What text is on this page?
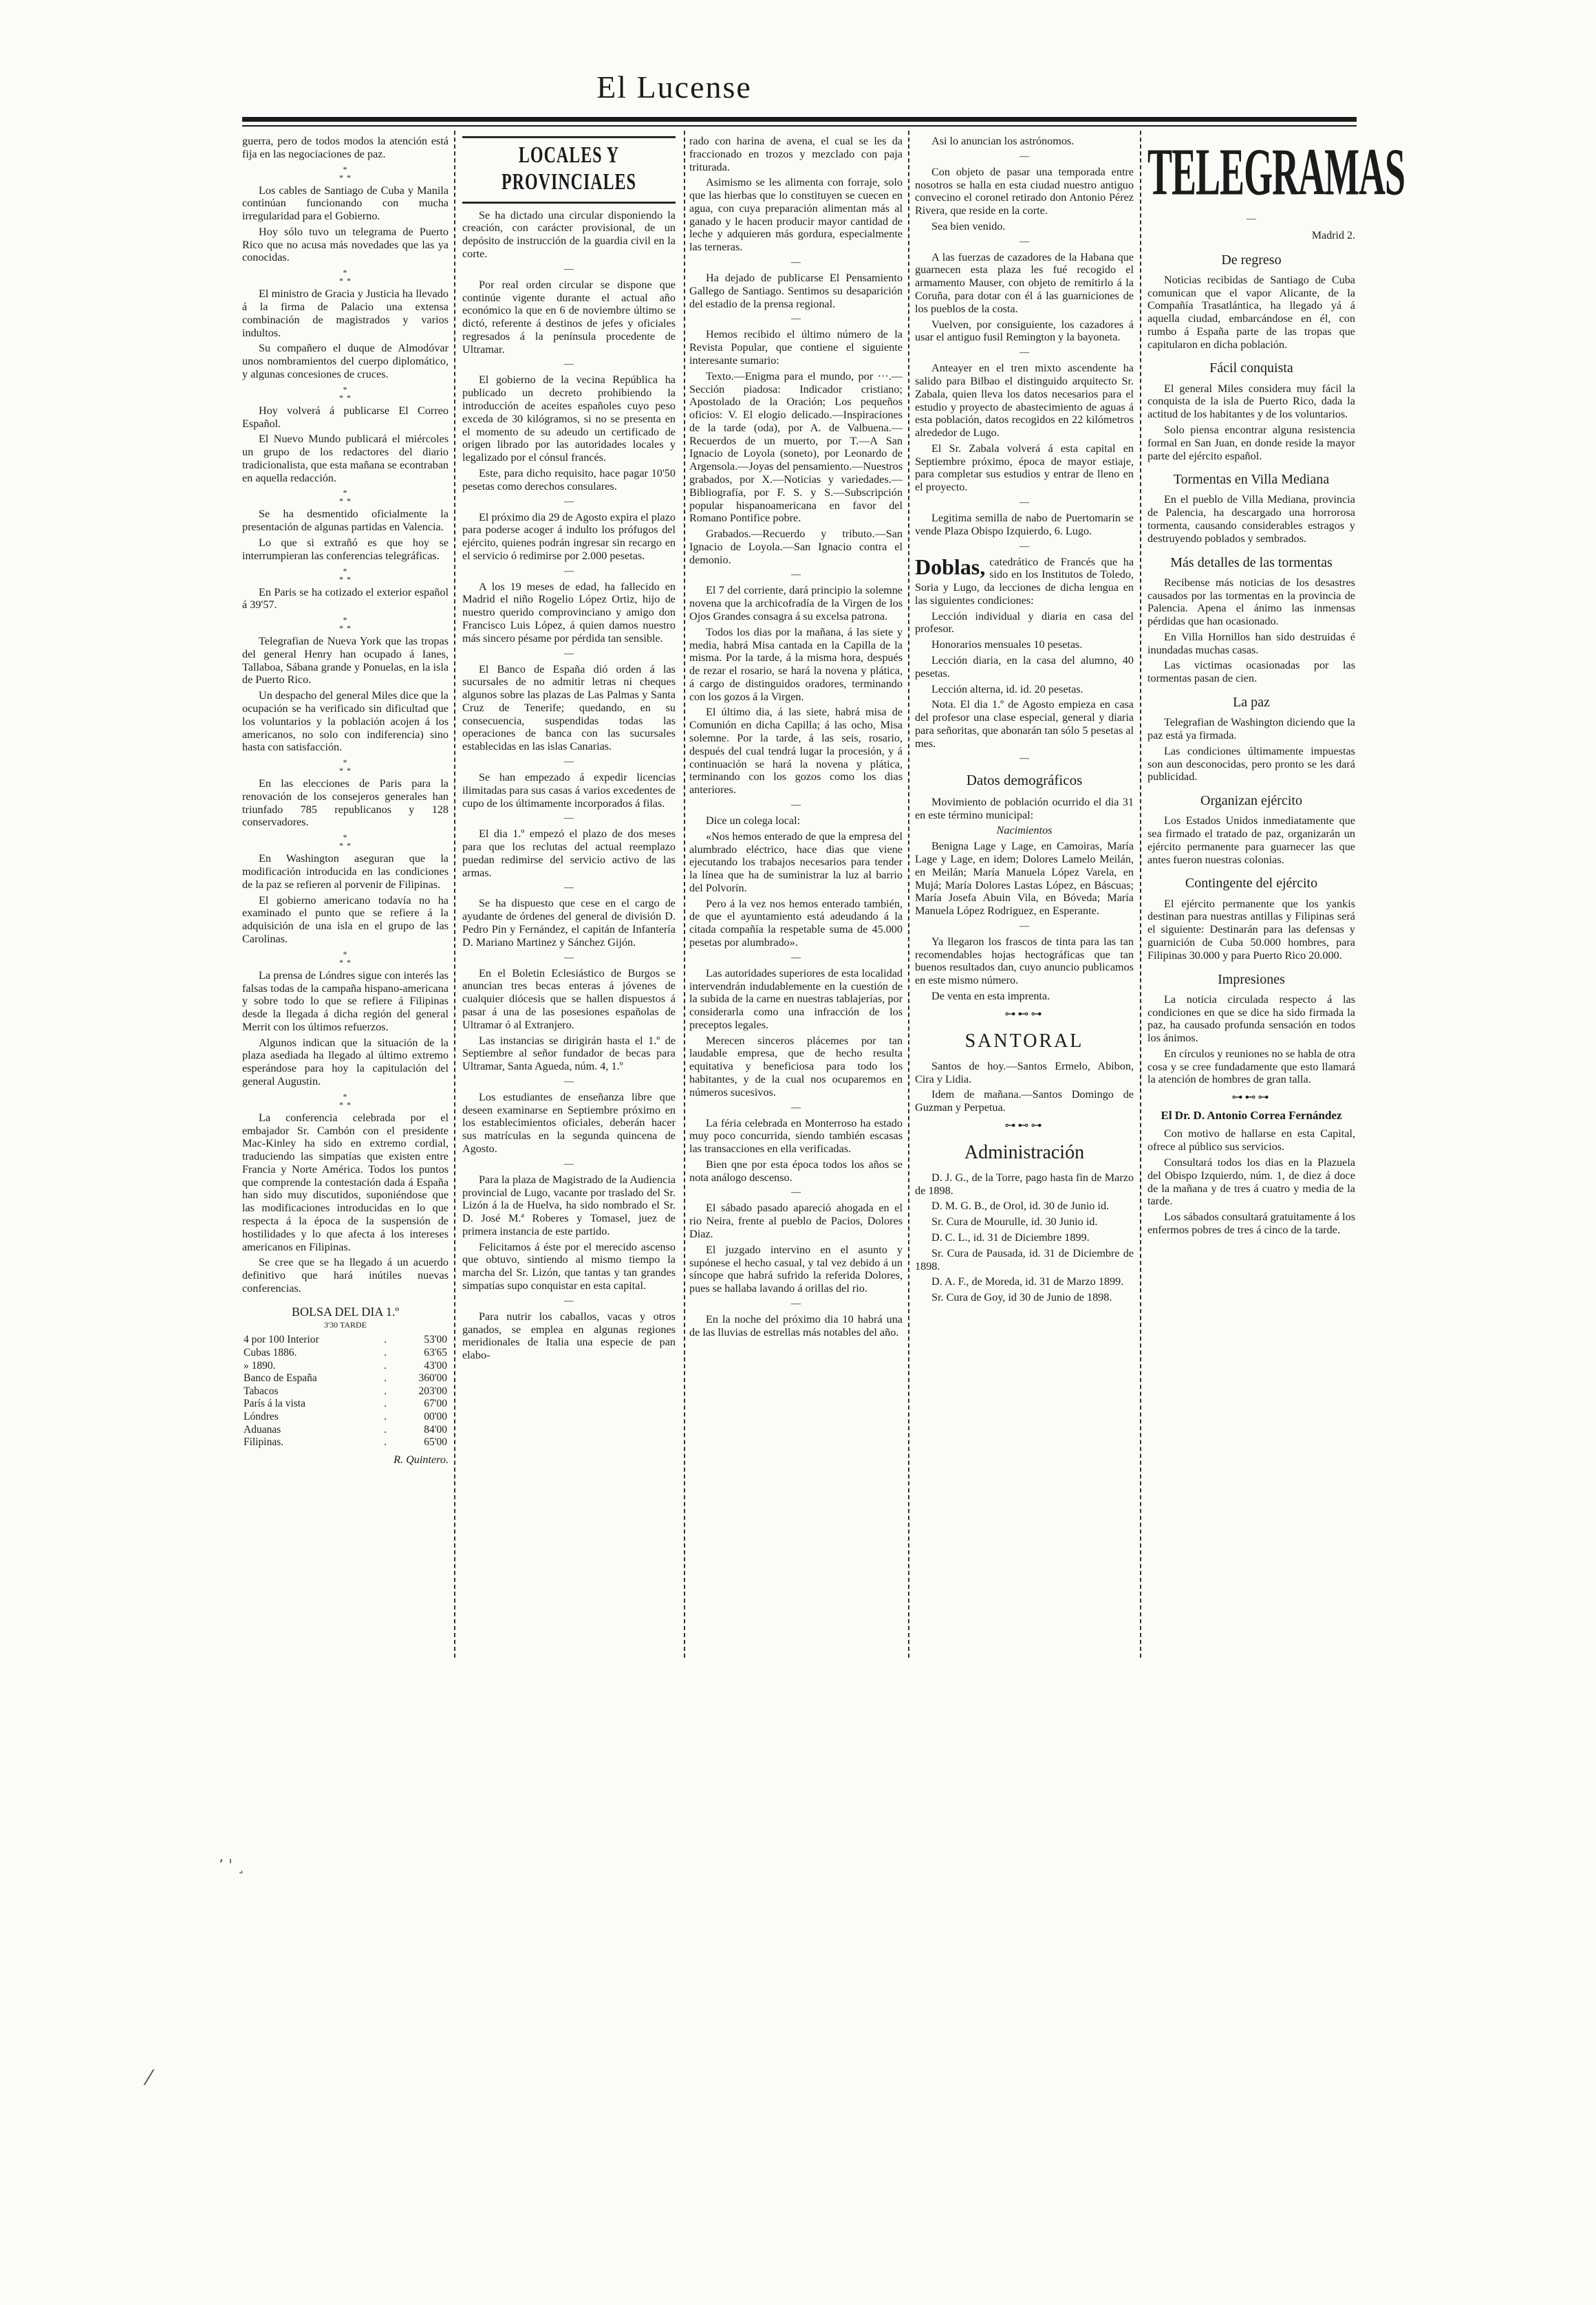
El Lucense

guerra, pero de todos modos la atención está fija en las negociaciones de paz.

*
* *

Los cables de Santiago de Cuba y Manila continúan funcionando con mucha irregularidad para el Gobierno.

Hoy sólo tuvo un telegrama de Puerto Rico que no acusa más novedades que las ya conocidas.

*
* *

El ministro de Gracia y Justicia ha llevado á la firma de Palacio una extensa combinación de magistrados y varios indultos.

Su compañero el duque de Almodóvar unos nombramientos del cuerpo diplomático, y algunas concesiones de cruces.

*
* *

Hoy volverá á publicarse El Correo Español.

El Nuevo Mundo publicará el miércoles un grupo de los redactores del diario tradicionalista, que esta mañana se econtraban en aquella redacción.

*
* *

Se ha desmentido oficialmente la presentación de algunas partidas en Valencia.

Lo que si extrañó es que hoy se interrumpieran las conferencias telegráficas.

*
* *

En Paris se ha cotizado el exterior español á 39'57.

*
* *

Telegrafian de Nueva York que las tropas del general Henry han ocupado á Ianes, Tallaboa, Sábana grande y Ponuelas, en la isla de Puerto Rico.

Un despacho del general Miles dice que la ocupación se ha verificado sin dificultad que los voluntarios y la población acojen á los americanos, no solo con indiferencia) sino hasta con satisfacción.

*
* *

En las elecciones de Paris para la renovación de los consejeros generales han triunfado 785 republicanos y 128 conservadores.

*
* *

En Washington aseguran que la modificación introducida en las condiciones de la paz se refieren al porvenir de Filipinas.

El gobierno americano todavía no ha examinado el punto que se refiere á la adquisición de una isla en el grupo de las Carolinas.

*
* *

La prensa de Lóndres sigue con interés las falsas todas de la campaña hispano-americana y sobre todo lo que se refiere á Filipinas desde la llegada á dicha región del general Merrit con los últimos refuerzos.

Algunos indican que la situación de la plaza asediada ha llegado al último extremo esperándose para hoy la capitulación del general Augustin.

*
* *

La conferencia celebrada por el embajador Sr. Cambón con el presidente Mac-Kinley ha sido en extremo cordial, traduciendo las simpatías que existen entre Francia y Norte América. Todos los puntos que comprende la contestación dada á España han sido muy discutidos, suponiéndose que las modificaciones introducidas en lo que respecta á la época de la suspensión de hostilidades y lo que afecta á los intereses americanos en Filipinas.

Se cree que se ha llegado á un acuerdo definitivo que hará inútiles nuevas conferencias.

BOLSA DEL DIA 1.º
3'30 TARDE
4 por 100 Interior	.	53'00
Cubas 1886.	.	63'65
» 1890.	.	43'00
Banco de España	.	360'00
Tabacos	.	203'00
París á la vista	.	67'00
Lóndres	.	00'00
Aduanas	.	84'00
Filipinas.	.	65'00
R. Quintero.
LOCALES Y PROVINCIALES

Se ha dictado una circular disponiendo la creación, con carácter provisional, de un depósito de instrucción de la guardia civil en la corte.

—

Por real orden circular se dispone que continúe vigente durante el actual año económico la que en 6 de noviembre último se dictó, referente á destinos de jefes y oficiales regresados á la península procedente de Ultramar.

—

El gobierno de la vecina República ha publicado un decreto prohibiendo la introducción de aceites españoles cuyo peso exceda de 30 kilógramos, si no se presenta en el momento de su adeudo un certificado de origen librado por las autoridades locales y legalizado por el cónsul francés.

Este, para dicho requisito, hace pagar 10'50 pesetas como derechos consulares.

—

El próximo dia 29 de Agosto expira el plazo para poderse acoger á indulto los prófugos del ejército, quienes podrán ingresar sin recargo en el servicio ó redimirse por 2.000 pesetas.

—

A los 19 meses de edad, ha fallecido en Madrid el niño Rogelio López Ortiz, hijo de nuestro querido comprovinciano y amigo don Francisco Luis López, á quien damos nuestro más sincero pésame por pérdida tan sensible.

—

El Banco de España dió orden á las sucursales de no admitir letras ni cheques algunos sobre las plazas de Las Palmas y Santa Cruz de Tenerife; quedando, en su consecuencia, suspendidas todas las operaciones de banca con las sucursales establecidas en las islas Canarias.

—

Se han empezado á expedir licencias ilimitadas para sus casas á varios excedentes de cupo de los últimamente incorporados á filas.

—

El dia 1.º empezó el plazo de dos meses para que los reclutas del actual reemplazo puedan redimirse del servicio activo de las armas.

—

Se ha dispuesto que cese en el cargo de ayudante de órdenes del general de división D. Pedro Pin y Fernández, el capitán de Infantería D. Mariano Martinez y Sánchez Gijón.

—

En el Boletin Eclesiástico de Burgos se anuncian tres becas enteras á jóvenes de cualquier diócesis que se hallen dispuestos á pasar á una de las posesiones españolas de Ultramar ó al Extranjero.

Las instancias se dirigirán hasta el 1.º de Septiembre al señor fundador de becas para Ultramar, Santa Agueda, núm. 4, 1.º

—

Los estudiantes de enseñanza libre que deseen examinarse en Septiembre próximo en los establecimientos oficiales, deberán hacer sus matrículas en la segunda quincena de Agosto.

—

Para la plaza de Magistrado de la Audiencia provincial de Lugo, vacante por traslado del Sr. Lizón á la de Huelva, ha sido nombrado el Sr. D. José M.ª Roberes y Tomasel, juez de primera instancia de este partido.

Felicitamos á éste por el merecido ascenso que obtuvo, sintiendo al mismo tiempo la marcha del Sr. Lizón, que tantas y tan grandes simpatías supo conquistar en esta capital.

—

Para nutrir los caballos, vacas y otros ganados, se emplea en algunas regiones meridionales de Italia una especie de pan elabo-

rado con harina de avena, el cual se les da fraccionado en trozos y mezclado con paja triturada.

Asimismo se les alimenta con forraje, solo que las hierbas que lo constituyen se cuecen en agua, con cuya preparación alimentan más al ganado y le hacen producir mayor cantidad de leche y adquieren más gordura, especialmente las terneras.

—

Ha dejado de publicarse El Pensamiento Gallego de Santiago. Sentimos su desaparición del estadio de la prensa regional.

—

Hemos recibido el último número de la Revista Popular, que contiene el siguiente interesante sumario:

Texto.—Enigma para el mundo, por ···.—Sección piadosa: Indicador cristiano; Apostolado de la Oración; Los pequeños oficios: V. El elogio delicado.—Inspiraciones de la tarde (oda), por A. de Valbuena.—Recuerdos de un muerto, por T.—A San Ignacio de Loyola (soneto), por Leonardo de Argensola.—Joyas del pensamiento.—Nuestros grabados, por X.—Noticias y variedades.—Bibliografía, por F. S. y S.—Subscripción popular hispanoamericana en favor del Romano Pontifice pobre.

Grabados.—Recuerdo y tributo.—San Ignacio de Loyola.—San Ignacio contra el demonio.

—

El 7 del corriente, dará principio la solemne novena que la archicofradía de la Virgen de los Ojos Grandes consagra á su excelsa patrona.

Todos los dias por la mañana, á las siete y media, habrá Misa cantada en la Capilla de la misma. Por la tarde, á la misma hora, después de rezar el rosario, se hará la novena y plática, á cargo de distinguidos oradores, terminando con los gozos á la Virgen.

El último dia, á las siete, habrá misa de Comunión en dicha Capilla; á las ocho, Misa solemne. Por la tarde, á las seis, rosario, después del cual tendrá lugar la procesión, y á continuación se hará la novena y plática, terminando con los gozos como los dias anteriores.

—

Dice un colega local:

«Nos hemos enterado de que la empresa del alumbrado eléctrico, hace dias que viene ejecutando los trabajos necesarios para tender la línea que ha de suministrar la luz al barrio del Polvorín.

Pero á la vez nos hemos enterado también, de que el ayuntamiento está adeudando á la citada compañía la respetable suma de 45.000 pesetas por alumbrado».

—

Las autoridades superiores de esta localidad intervendrán indudablemente en la cuestión de la subida de la carne en nuestras tablajerías, por considerarla como una infracción de los preceptos legales.

Merecen sinceros plácemes por tan laudable empresa, que de hecho resulta equitativa y beneficiosa para todo los habitantes, y de la cual nos ocuparemos en números sucesivos.

—

La féria celebrada en Monterroso ha estado muy poco concurrida, siendo también escasas las transacciones en ella verificadas.

Bien qne por esta época todos los años se nota análogo descenso.

—

El sábado pasado apareció ahogada en el rio Neira, frente al pueblo de Pacios, Dolores Diaz.

El juzgado intervino en el asunto y supónese el hecho casual, y tal vez debido á un síncope que habrá sufrido la referida Dolores, pues se hallaba lavando á orillas del rio.

—

En la noche del próximo dia 10 habrá una de las lluvias de estrellas más notables del año.

Asi lo anuncian los astrónomos.

—

Con objeto de pasar una temporada entre nosotros se halla en esta ciudad nuestro antiguo convecino el coronel retirado don Antonio Pérez Rivera, que reside en la corte.

Sea bien venido.

—

A las fuerzas de cazadores de la Habana que guarnecen esta plaza les fué recogido el armamento Mauser, con objeto de remitirlo á la Coruña, para dotar con él á las guarniciones de los pueblos de la costa.

Vuelven, por consiguiente, los cazadores á usar el antiguo fusil Remington y la bayoneta.

—

Anteayer en el tren mixto ascendente ha salido para Bilbao el distinguido arquitecto Sr. Zabala, quien lleva los datos necesarios para el estudio y proyecto de abastecimiento de aguas á esta población, datos recogidos en 22 kilómetros alrededor de Lugo.

El Sr. Zabala volverá á esta capital en Septiembre próximo, época de mayor estiaje, para completar sus estudios y entrar de lleno en el proyecto.

—

Legitima semilla de nabo de Puertomarin se vende Plaza Obispo Izquierdo, 6. Lugo.

—

Doblas, catedrático de Francés que ha sido en los Institutos de Toledo, Soria y Lugo, da lecciones de dicha lengua en las siguientes condiciones:

Lección individual y diaria en casa del profesor.

Honorarios mensuales 10 pesetas.

Lección diaria, en la casa del alumno, 40 pesetas.

Lección alterna, id. id. 20 pesetas.

Nota. El dia 1.º de Agosto empieza en casa del profesor una clase especial, general y diaria para señoritas, que abonarán tan sólo 5 pesetas al mes.

—
Datos demográficos

Movimiento de población ocurrido el dia 31 en este término municipal:

Nacimientos

Benigna Lage y Lage, en Camoiras, María Lage y Lage, en idem; Dolores Lamelo Meilán, en Meilán; María Manuela López Varela, en Mujá; María Dolores Lastas López, en Báscuas; María Josefa Abuin Vila, en Bóveda; María Manuela López Rodriguez, en Esperante.

—

Ya llegaron los frascos de tinta para las tan recomendables hojas hectográficas que tan buenos resultados dan, cuyo anuncio publicamos en este mismo número.

De venta en esta imprenta.

⊶⊷⊶
SANTORAL

Santos de hoy.—Santos Ermelo, Abibon, Cira y Lidia.

Idem de mañana.—Santos Domingo de Guzman y Perpetua.

⊶⊷⊶
Administración

D. J. G., de la Torre, pago hasta fin de Marzo de 1898.

D. M. G. B., de Orol, id. 30 de Junio id.

Sr. Cura de Mourulle, id. 30 Junio id.

D. C. L., id. 31 de Diciembre 1899.

Sr. Cura de Pausada, id. 31 de Diciembre de 1898.

D. A. F., de Moreda, id. 31 de Marzo 1899.

Sr. Cura de Goy, id 30 de Junio de 1898.

TELEGRAMAS
—
Madrid 2.
De regreso

Noticias recibidas de Santiago de Cuba comunican que el vapor Alicante, de la Compañía Trasatlántica, ha llegado yá á aquella ciudad, embarcándose en él, con rumbo á España parte de las tropas que capitularon en dicha población.

Fácil conquista

El general Miles considera muy fácil la conquista de la isla de Puerto Rico, dada la actitud de los habitantes y de los voluntarios.

Solo piensa encontrar alguna resistencia formal en San Juan, en donde reside la mayor parte del ejército español.

Tormentas en Villa Mediana

En el pueblo de Villa Mediana, provincia de Palencia, ha descargado una horrorosa tormenta, causando considerables estragos y destruyendo poblados y sembrados.

Más detalles de las tormentas

Recibense más noticias de los desastres causados por las tormentas en la provincia de Palencia. Apena el ánimo las inmensas pérdidas que han ocasionado.

En Villa Hornillos han sido destruidas é inundadas muchas casas.

Las victimas ocasionadas por las tormentas pasan de cien.

La paz

Telegrafian de Washington diciendo que la paz está ya firmada.

Las condiciones últimamente impuestas son aun desconocidas, pero pronto se les dará publicidad.

Organizan ejército

Los Estados Unidos inmediatamente que sea firmado el tratado de paz, organizarán un ejército permanente para guarnecer las que antes fueron nuestras colonias.

Contingente del ejército

El ejército permanente que los yankis destinan para nuestras antillas y Filipinas será el siguiente: Destinarán para las defensas y guarnición de Cuba 50.000 hombres, para Filipinas 30.000 y para Puerto Rico 20.000.

Impresiones

La noticia circulada respecto á las condiciones en que se dice ha sido firmada la paz, ha causado profunda sensación en todos los ánimos.

En círculos y reuniones no se habla de otra cosa y se cree fundadamente que esto llamará la atención de hombres de gran talla.

⊶⊷⊶
El Dr. D. Antonio Correa Fernández

Con motivo de hallarse en esta Capital, ofrece al público sus servicios.

Consultará todos los dias en la Plazuela del Obispo Izquierdo, núm. 1, de diez á doce de la mañana y de tres á cuatro y media de la tarde.

Los sábados consultará gratuitamente á los enfermos pobres de tres á cinco de la tarde.

٬ ' ¸
⁄
